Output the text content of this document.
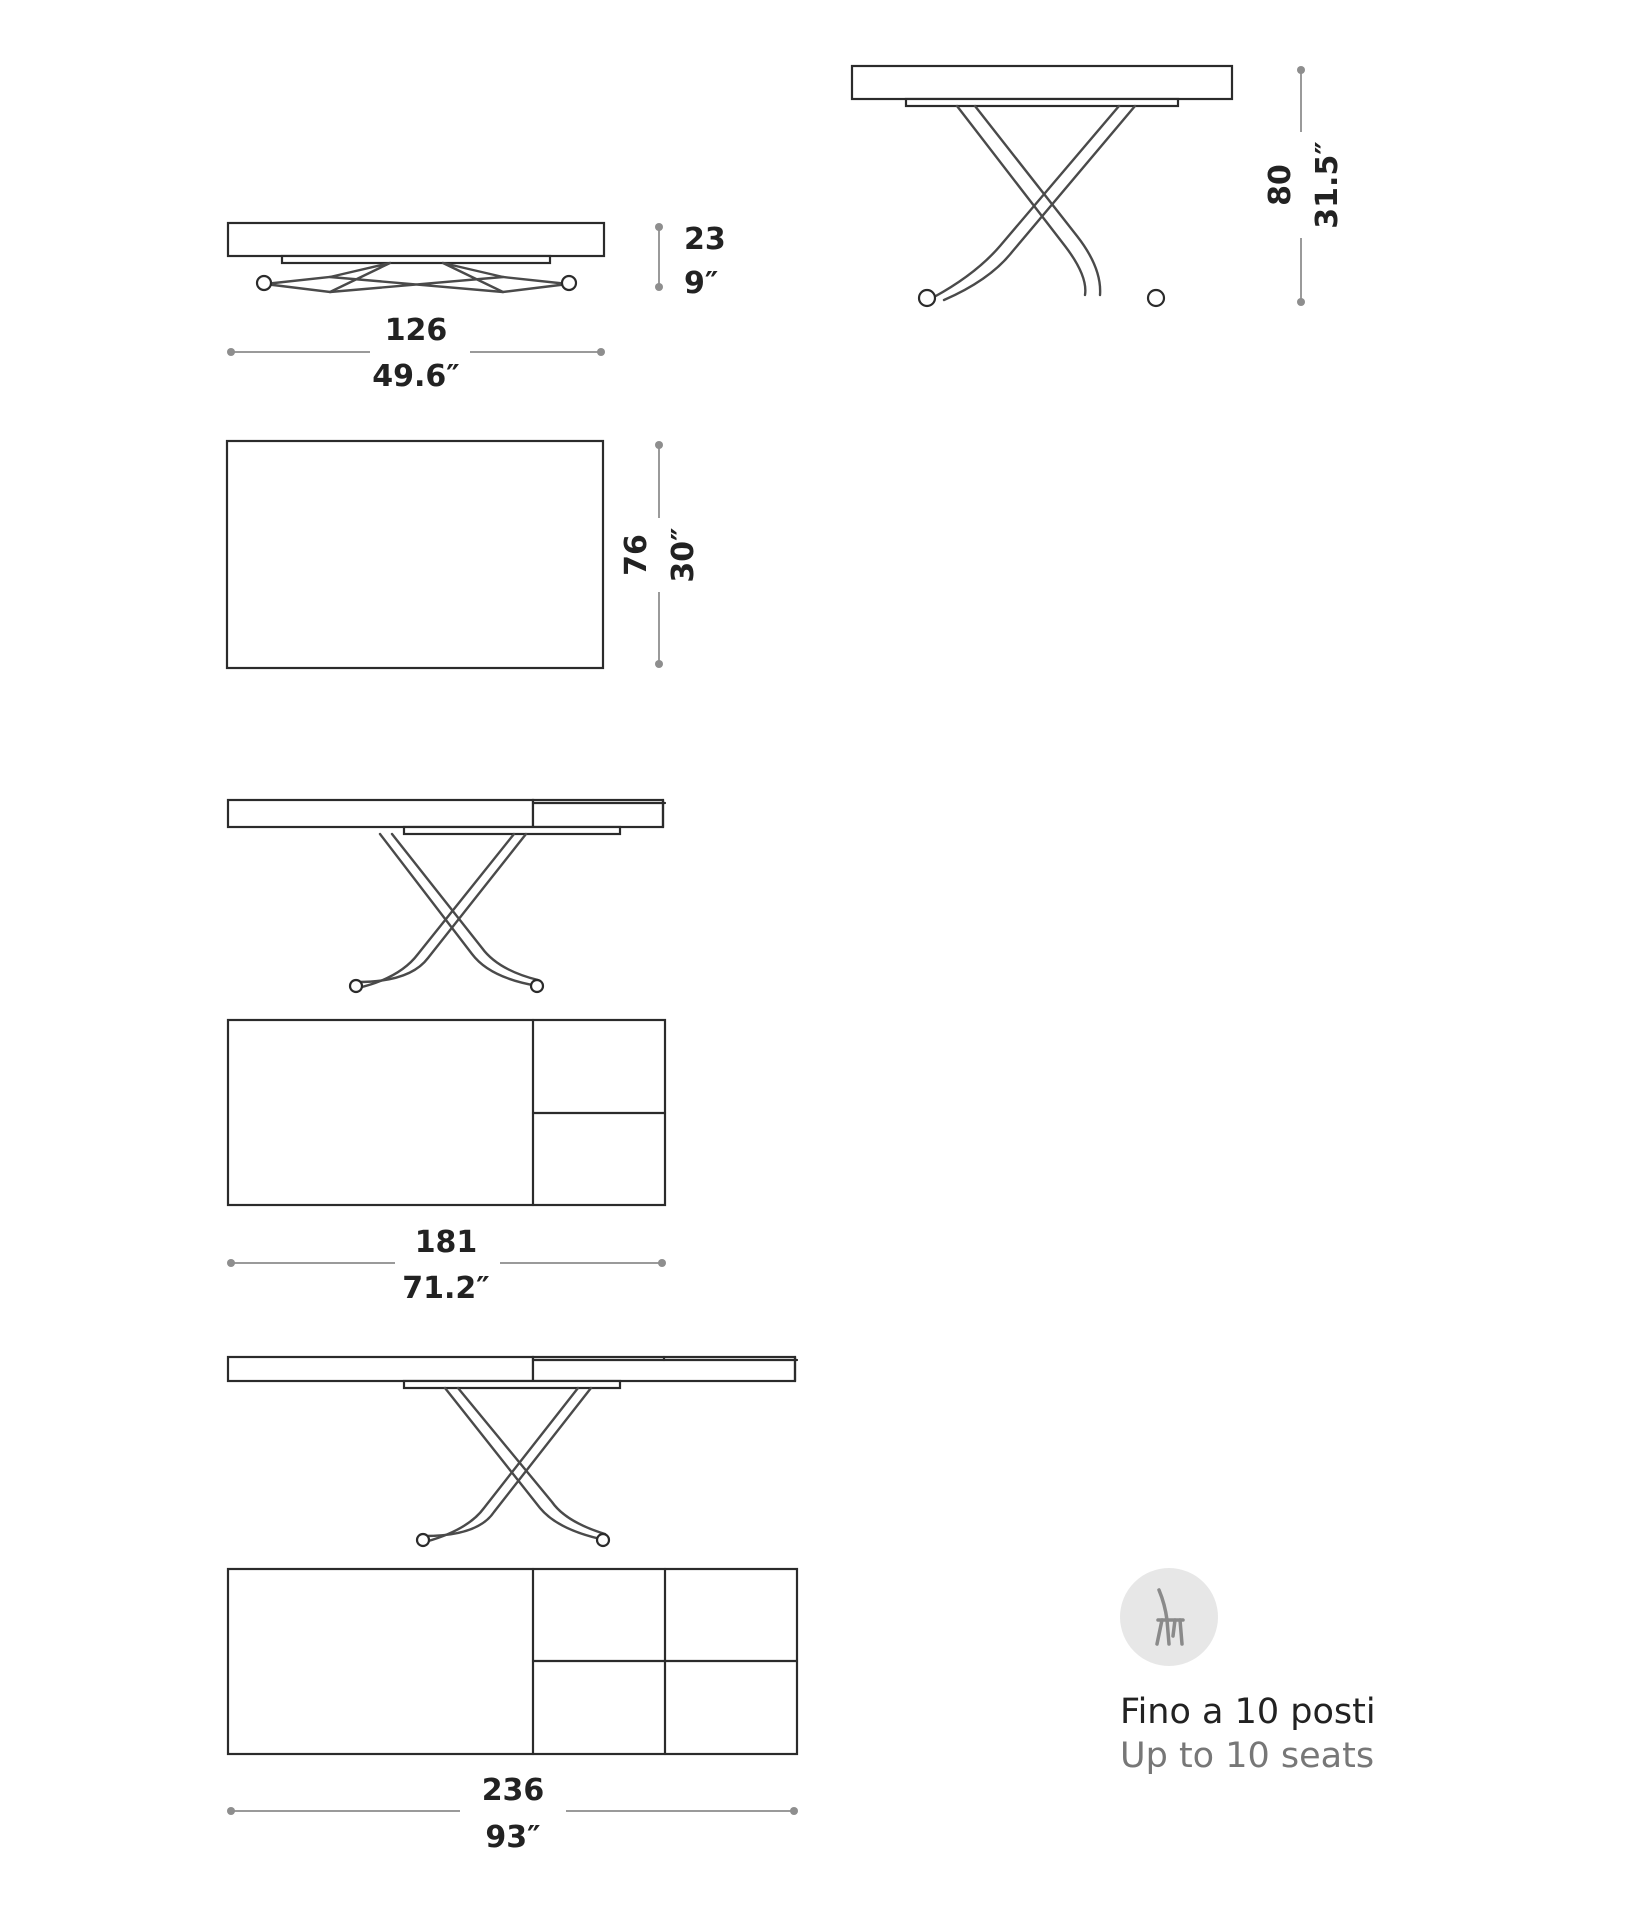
126
49.6″
23
9″
80 31.5″
76 30″
181
71.2″
236
93″
Fino a 10 posti
Up to 10 seats
